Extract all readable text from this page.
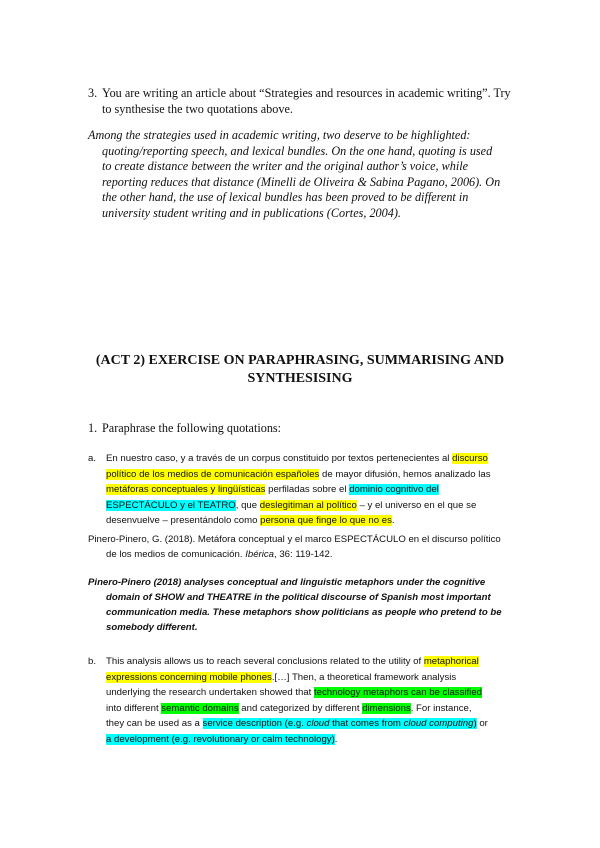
3. You are writing an article about “Strategies and resources in academic writing”. Try
to synthesise the two quotations above.
Among the strategies used in academic writing, two deserve to be highlighted:
quoting/reporting speech, and lexical bundles. On the one hand, quoting is used
to create distance between the writer and the original author’s voice, while
reporting reduces that distance (Minelli de Oliveira & Sabina Pagano, 2006). On
the other hand, the use of lexical bundles has been proved to be different in
university student writing and in publications (Cortes, 2004).
(ACT 2) EXERCISE ON PARAPHRASING, SUMMARISING AND
SYNTHESISING
1. Paraphrase the following quotations:
a. En nuestro caso, y a través de un corpus constituido por textos pertenecientes al discurso
político de los medios de comunicación españoles de mayor difusión, hemos analizado las
metáforas conceptuales y lingüísticas perfiladas sobre el dominio cognitivo del
ESPECTÁCULO y el TEATRO, que deslegitiman al político – y el universo en el que se
desenvuelve – presentándolo como persona que finge lo que no es.
Pinero-Pinero, G. (2018). Metáfora conceptual y el marco ESPECTÁCULO en el discurso político
de los medios de comunicación. Ibérica, 36: 119-142.
Pinero-Pinero (2018) analyses conceptual and linguistic metaphors under the cognitive
domain of SHOW and THEATRE in the political discourse of Spanish most important
communication media. These metaphors show politicians as people who pretend to be
somebody different.
b. This analysis allows us to reach several conclusions related to the utility of metaphorical
expressions concerning mobile phones.[…] Then, a theoretical framework analysis
underlying the research undertaken showed that technology metaphors can be classified
into different semantic domains and categorized by different dimensions. For instance,
they can be used as a service description (e.g. cloud that comes from cloud computing) or
a development (e.g. revolutionary or calm technology).
